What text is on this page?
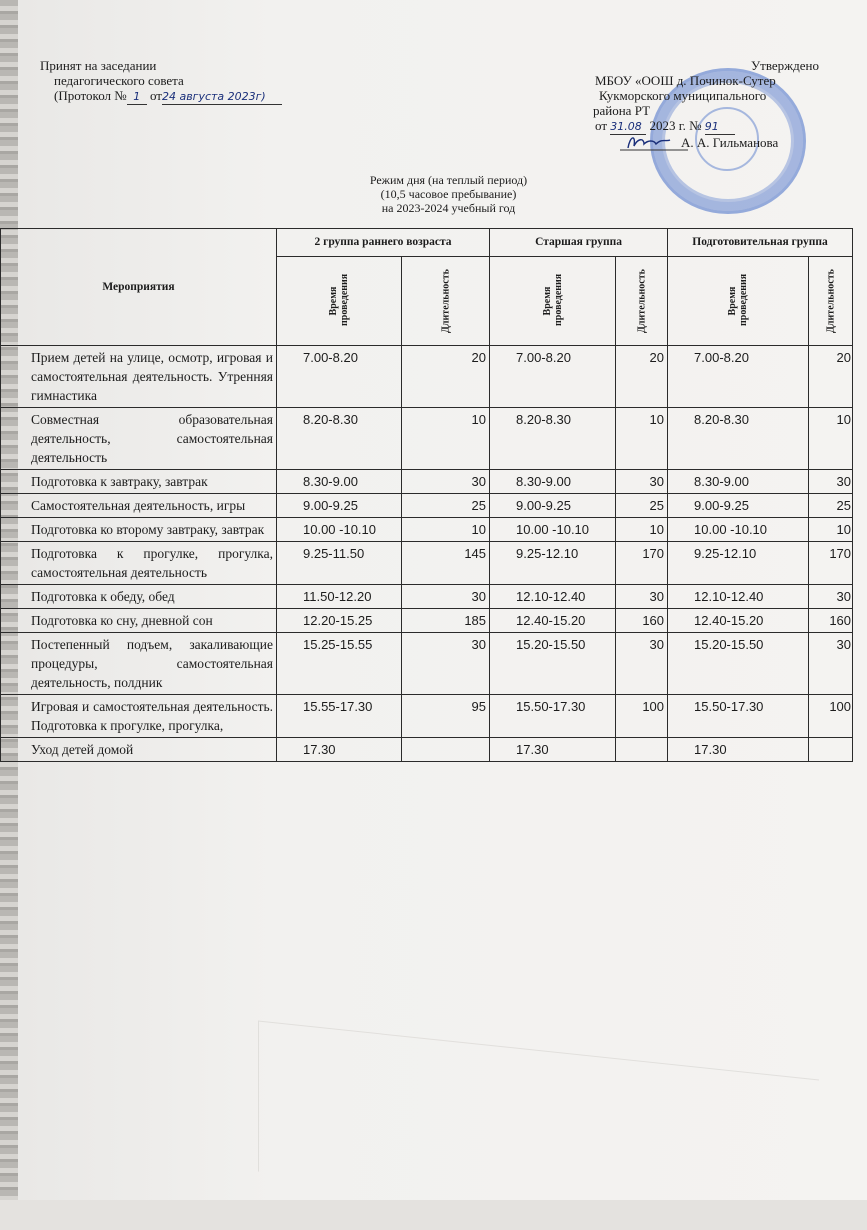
Принят на заседании
педагогического совета
(Протокол № 1 от24 августа 2023г)
Утверждено
МБОУ «ООШ д. Починок-Сутер
Кукморского муниципального
района РТ
от 31.08 2023 г. № 91
А. А. Гильманова
Режим дня (на теплый период)
(10,5 часовое пребывание)
на 2023-2024 учебный год
Мероприятия	2 группа раннего возраста		Старшая группа		Подготовительная группа	

	Время проведения	Длительность	Время проведения	Длительность	Время проведения	Длительность

Прием детей на улице, осмотр, игровая и самостоятельная деятельность. Утренняя гимнастика	7.00-8.20	20	7.00-8.20	20	7.00-8.20	20
Совместная образовательная деятельность, самостоятельная деятельность	8.20-8.30	10	8.20-8.30	10	8.20-8.30	10
Подготовка к завтраку, завтрак	8.30-9.00	30	8.30-9.00	30	8.30-9.00	30
Самостоятельная деятельность, игры	9.00-9.25	25	9.00-9.25	25	9.00-9.25	25
Подготовка ко второму завтраку, завтрак	10.00 -10.10	10	10.00 -10.10	10	10.00 -10.10	10
Подготовка к прогулке, прогулка, самостоятельная деятельность	9.25-11.50	145	9.25-12.10	170	9.25-12.10	170
Подготовка к обеду, обед	11.50-12.20	30	12.10-12.40	30	12.10-12.40	30
Подготовка ко сну, дневной сон	12.20-15.25	185	12.40-15.20	160	12.40-15.20	160
Постепенный подъем, закаливающие процедуры, самостоятельная деятельность, полдник	15.25-15.55	30	15.20-15.50	30	15.20-15.50	30
Игровая и самостоятельная деятельность. Подготовка к прогулке, прогулка,	15.55-17.30	95	15.50-17.30	100	15.50-17.30	100
Уход детей домой	17.30		17.30		17.30	
